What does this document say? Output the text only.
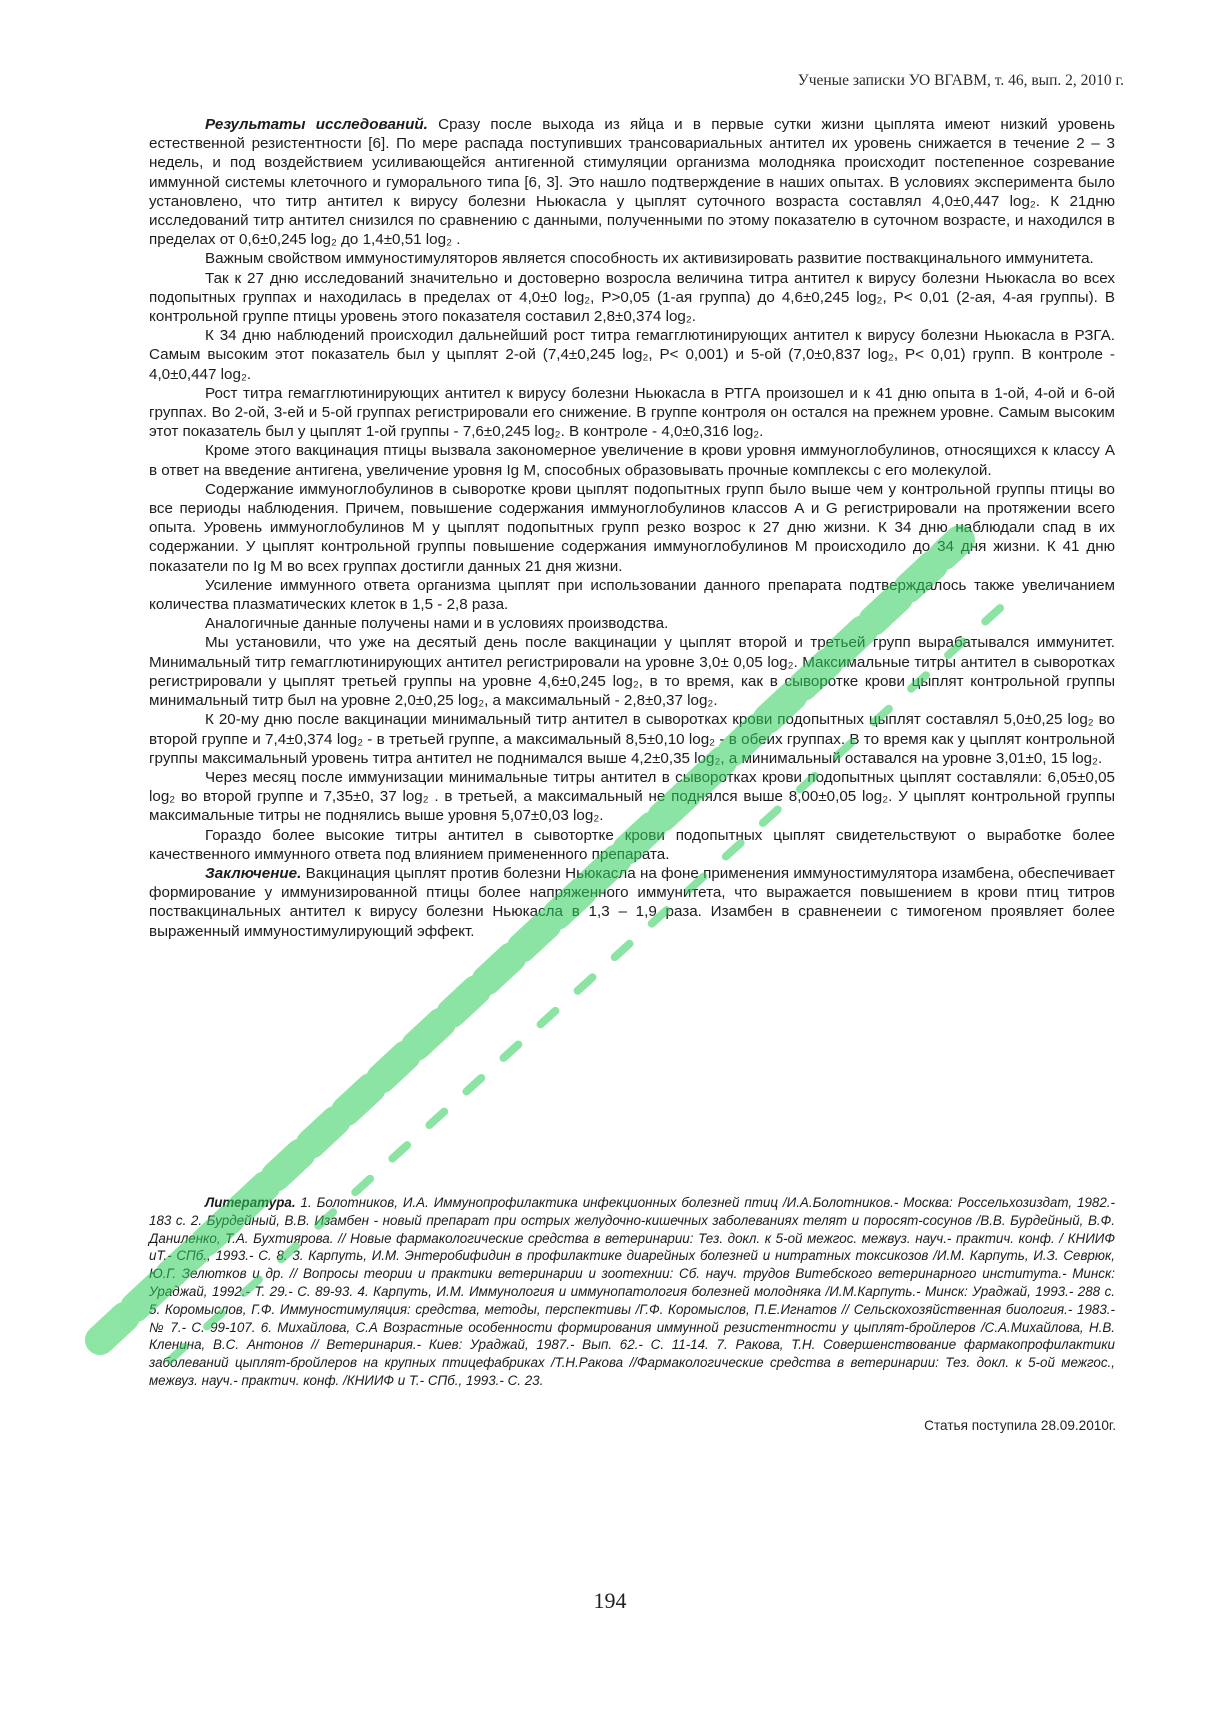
Ученые записки УО ВГАВМ, т. 46, вып. 2, 2010 г.

Результаты исследований. Сразу после выхода из яйца и в первые сутки жизни цыплята имеют низкий уровень естественной резистентности [6]. По мере распада поступивших трансовариальных антител их уровень снижается в течение 2 – 3 недель, и под воздействием усиливающейся антигенной стимуляции организма молодняка происходит постепенное созревание иммунной системы клеточного и гуморального типа [6, 3]. Это нашло подтверждение в наших опытах. В условиях эксперимента было установлено, что титр антител к вирусу болезни Ньюкасла у цыплят суточного возраста составлял 4,0±0,447 log₂. К 21дню исследований титр антител снизился по сравнению с данными, полученными по этому показателю в суточном возрасте, и находился в пределах от 0,6±0,245 log₂ до 1,4±0,51 log₂ .

Важным свойством иммуностимуляторов является способность их активизировать развитие поствакцинального иммунитета.

Так к 27 дню исследований значительно и достоверно возросла величина титра антител к вирусу болезни Ньюкасла во всех подопытных группах и находилась в пределах от 4,0±0 log₂, P>0,05 (1-ая группа) до 4,6±0,245 log₂, P< 0,01 (2-ая, 4-ая группы). В контрольной группе птицы уровень этого показателя составил 2,8±0,374 log₂.

К 34 дню наблюдений происходил дальнейший рост титра гемагглютинирующих антител к вирусу болезни Ньюкасла в РЗГА. Самым высоким этот показатель был у цыплят 2-ой (7,4±0,245 log₂, P< 0,001) и 5-ой (7,0±0,837 log₂, P< 0,01) групп. В контроле - 4,0±0,447 log₂.

Рост титра гемагглютинирующих антител к вирусу болезни Ньюкасла в РТГА произошел и к 41 дню опыта в 1-ой, 4-ой и 6-ой группах. Во 2-ой, 3-ей и 5-ой группах регистрировали его снижение. В группе контроля он остался на прежнем уровне. Самым высоким этот показатель был у цыплят 1-ой группы - 7,6±0,245 log₂. В контроле - 4,0±0,316 log₂.

Кроме этого вакцинация птицы вызвала закономерное увеличение в крови уровня иммуноглобулинов, относящихся к классу А в ответ на введение антигена, увеличение уровня Ig M, способных образовывать прочные комплексы с его молекулой.

Содержание иммуноглобулинов в сыворотке крови цыплят подопытных групп было выше чем у контрольной группы птицы во все периоды наблюдения. Причем, повышение содержания иммуноглобулинов классов А и G регистрировали на протяжении всего опыта. Уровень иммуноглобулинов М у цыплят подопытных групп резко возрос к 27 дню жизни. К 34 дню наблюдали спад в их содержании. У цыплят контрольной группы повышение содержания иммуноглобулинов М происходило до 34 дня жизни. К 41 дню показатели по Ig M во всех группах достигли данных 21 дня жизни.

Усиление иммунного ответа организма цыплят при использовании данного препарата подтверждалось также увеличанием количества плазматических клеток в 1,5 - 2,8 раза.

Аналогичные данные получены нами и в условиях производства.

Мы установили, что уже на десятый день после вакцинации у цыплят второй и третьей групп вырабатывался иммунитет. Минимальный титр гемагглютинирующих антител регистрировали на уровне 3,0± 0,05 log₂. Максимальные титры антител в сыворотках регистрировали у цыплят третьей группы на уровне 4,6±0,245 log₂, в то время, как в сыворотке крови цыплят контрольной группы минимальный титр был на уровне 2,0±0,25 log₂, а максимальный - 2,8±0,37 log₂.

К 20-му дню после вакцинации минимальный титр антител в сыворотках крови подопытных цыплят составлял 5,0±0,25 log₂ во второй группе и 7,4±0,374 log₂ - в третьей группе, а максимальный 8,5±0,10 log₂ - в обеих группах. В то время как у цыплят контрольной группы максимальный уровень титра антител не поднимался выше 4,2±0,35 log₂, а минимальный оставался на уровне 3,01±0, 15 log₂.

Через месяц после иммунизации минимальные титры антител в сыворотках крови подопытных цыплят составляли: 6,05±0,05 log₂ во второй группе и 7,35±0, 37 log₂ . в третьей, а максимальный не поднялся выше 8,00±0,05 log₂. У цыплят контрольной группы максимальные титры не поднялись выше уровня 5,07±0,03 log₂.

Гораздо более высокие титры антител в сывотортке крови подопытных цыплят свидетельствуют о выработке более качественного иммунного ответа под влиянием примененного препарата.

Заключение. Вакцинация цыплят против болезни Ньюкасла на фоне применения иммуностимулятора изамбена, обеспечивает формирование у иммунизированной птицы более напряженного иммунитета, что выражается повышением в крови птиц титров поствакцинальных антител к вирусу болезни Ньюкасла в 1,3 – 1,9 раза. Изамбен в сравненеии с тимогеном проявляет более выраженный иммуностимулирующий эффект.

Литература. 1. Болотников, И.А. Иммунопрофилактика инфекционных болезней птиц /И.А.Болотников.- Москва: Россельхозиздат, 1982.- 183 с. 2. Бурдейный, В.В. Изамбен - новый препарат при острых желудочно-кишечных заболеваниях телят и поросят-сосунов /В.В. Бурдейный, В.Ф. Даниленко, Т.А. Бухтиярова. // Новые фармакологические средства в ветеринарии: Тез. докл. к 5-ой межгос. межвуз. науч.- практич. конф. / КНИИФ иТ.- СПб., 1993.- С. 8. 3. Карпуть, И.М. Энтеробифидин в профилактике диарейных болезней и нитратных токсикозов /И.М. Карпуть, И.З. Севрюк, Ю.Г. Зелютков и др. // Вопросы теории и практики ветеринарии и зоотехнии: Сб. науч. трудов Витебского ветеринарного института.- Минск: Ураджай, 1992.- Т. 29.- С. 89-93. 4. Карпуть, И.М. Иммунология и иммунопатология болезней молодняка /И.М.Карпуть.- Минск: Ураджай, 1993.- 288 с. 5. Коромыслов, Г.Ф. Иммуностимуляция: средства, методы, перспективы /Г.Ф. Коромыслов, П.Е.Игнатов // Сельскохозяйственная биология.- 1983.- № 7.- С. 99-107. 6. Михайлова, С.А Возрастные особенности формирования иммунной резистентности у цыплят-бройлеров /С.А.Михайлова, Н.В. Кленина, В.С. Антонов // Ветеринария.- Киев: Ураджай, 1987.- Вып. 62.- С. 11-14. 7. Ракова, Т.Н. Совершенствование фармакопрофилактики заболеваний цыплят-бройлеров на крупных птицефабриках /Т.Н.Ракова //Фармакологические средства в ветеринарии: Тез. докл. к 5-ой межгос., межвуз. науч.- практич. конф. /КНИИФ и Т.- СПб., 1993.- С. 23.

Статья поступила 28.09.2010г.
194
